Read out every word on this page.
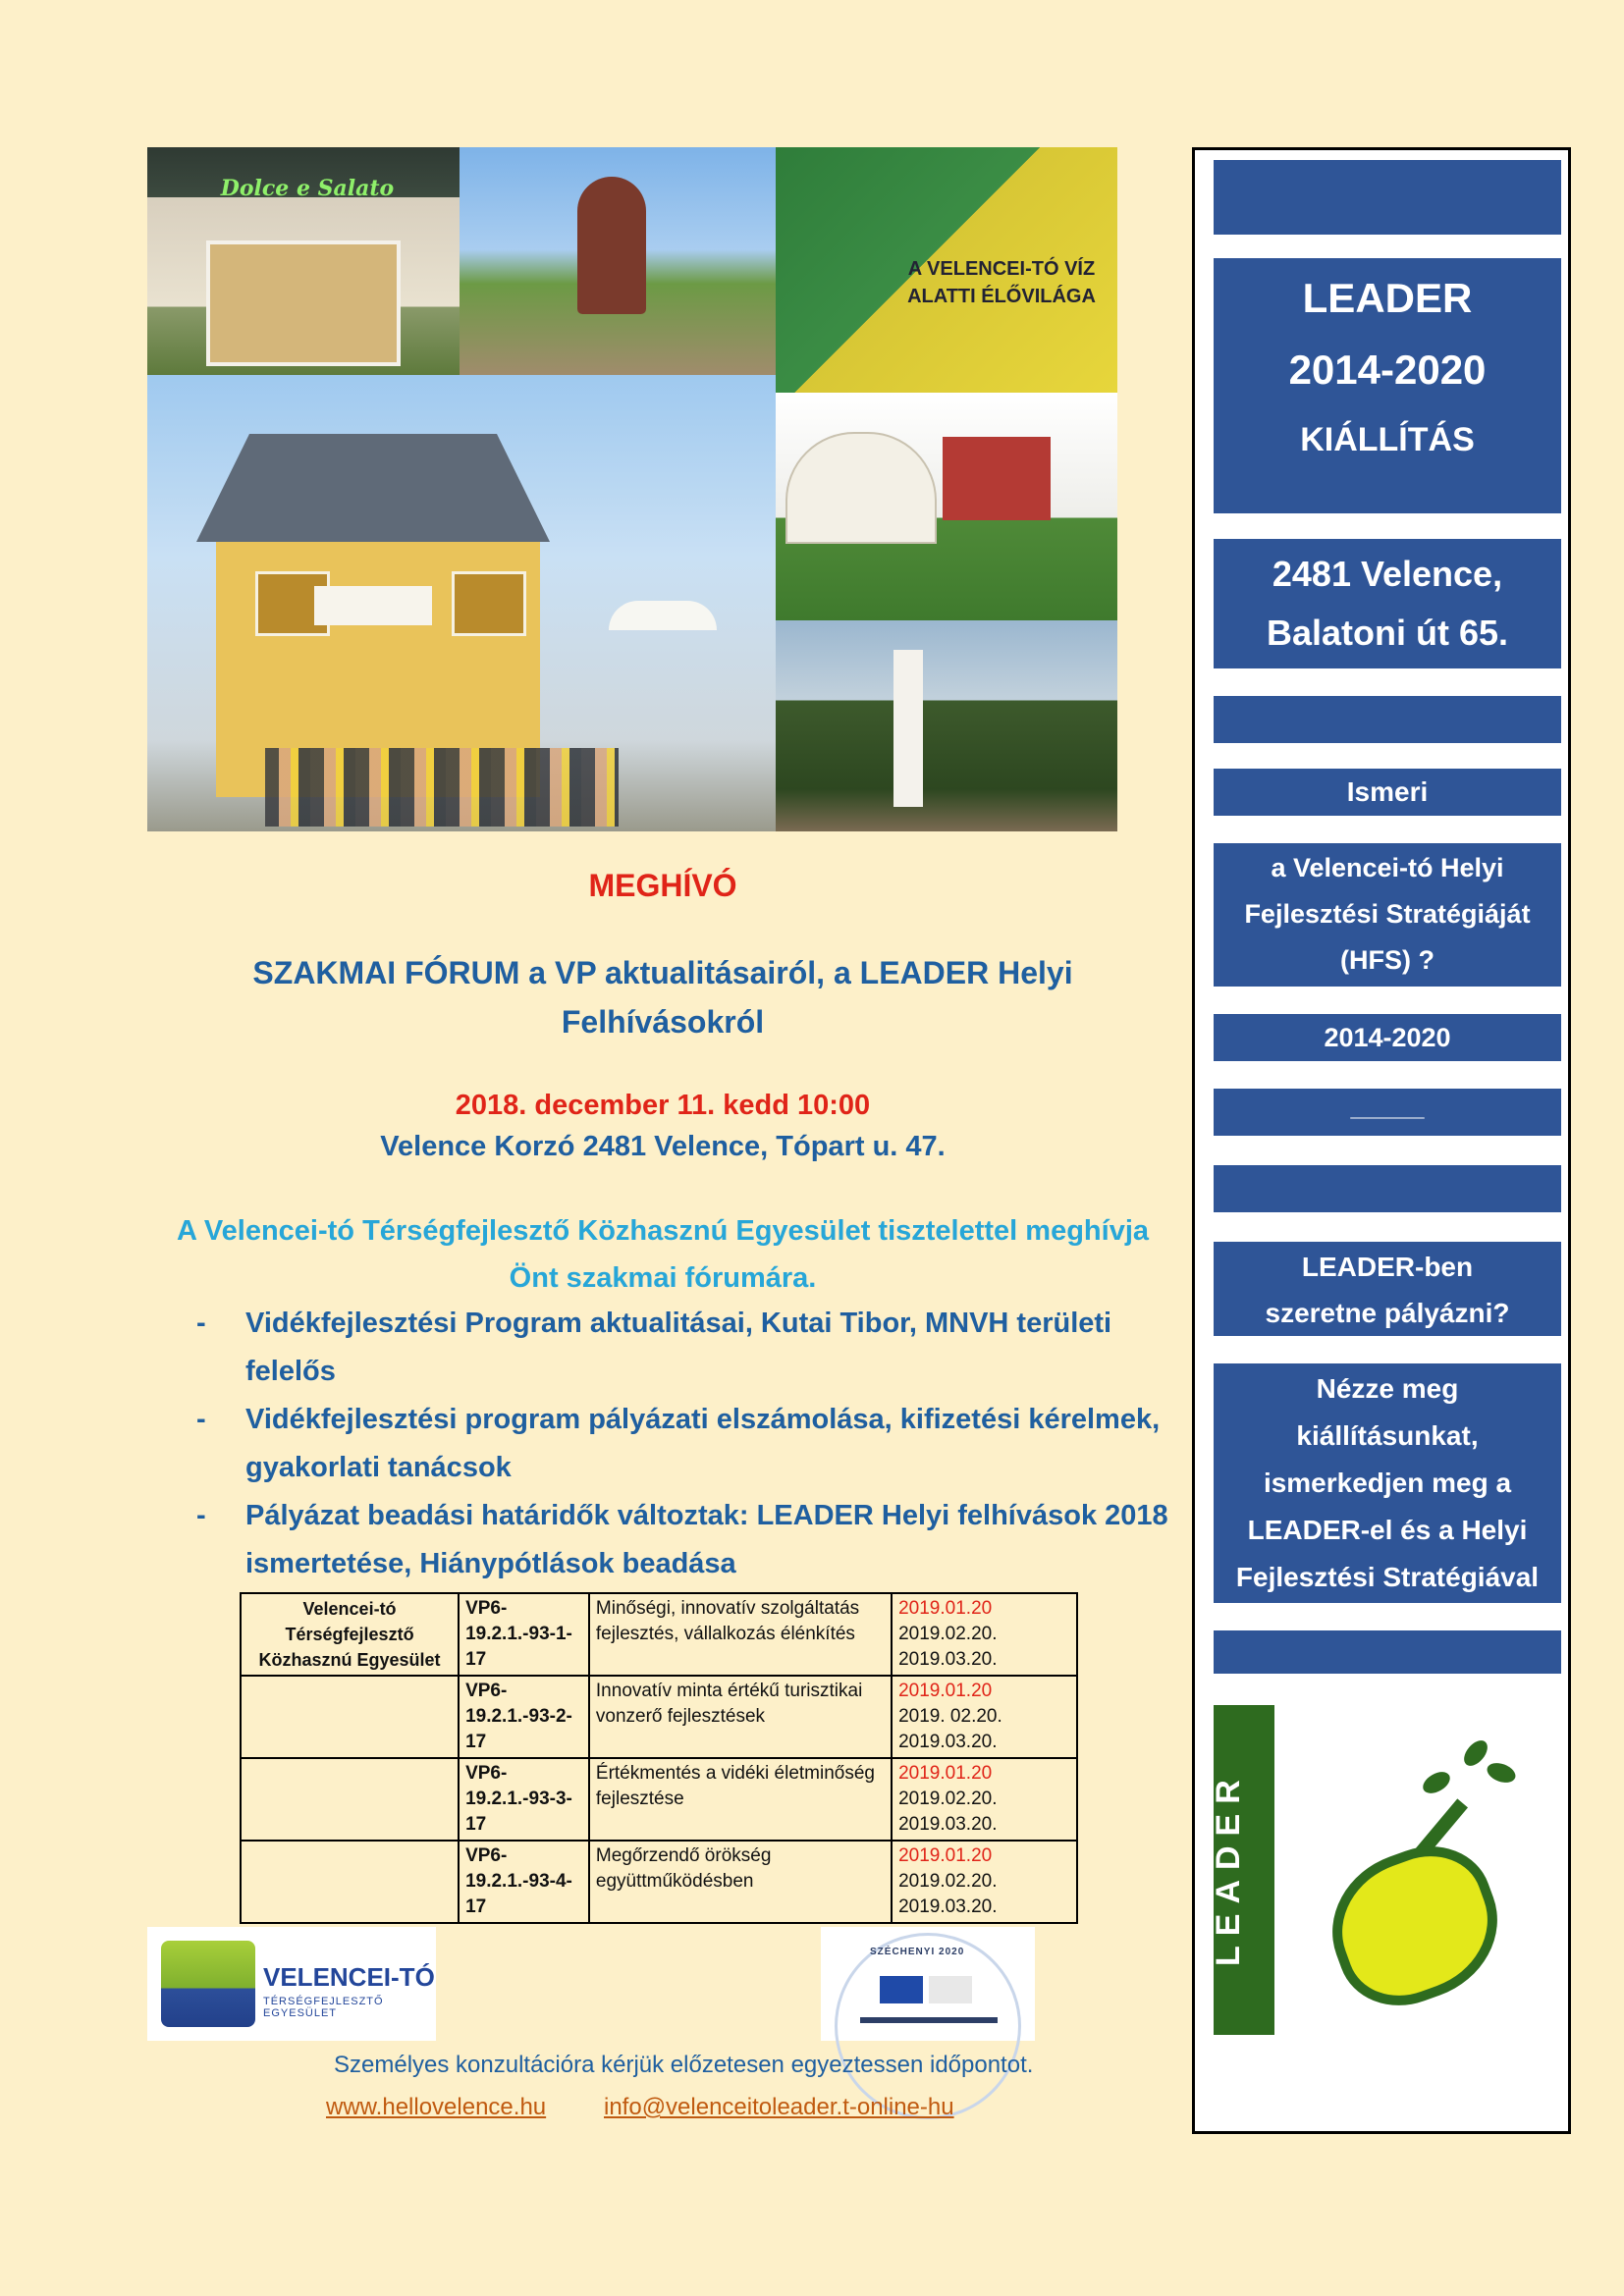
Dolce e Salato
A VELENCEI-TÓ VÍZ ALATTI ÉLŐVILÁGA	LEADER
2014-2020
KIÁLLÍTÁS
2481 Velence,
Balatoni út 65.
Ismeri
a Velencei-tó Helyi Fejlesztési Stratégiáját (HFS) ?
2014-2020
_____
LEADER-ben szeretne pályázni?
Nézze meg kiállításunkat, ismerkedjen meg a LEADER-el és a Helyi Fejlesztési Stratégiával
LEADER
MEGHÍVÓ
SZAKMAI FÓRUM a VP aktualitásairól, a LEADER Helyi Felhívásokról
2018. december 11. kedd 10:00
Velence Korzó 2481 Velence, Tópart u. 47.
A Velencei-tó Térségfejlesztő Közhasznú Egyesület tisztelettel meghívja Önt szakmai fórumára.
- Vidékfejlesztési Program aktualitásai, Kutai Tibor, MNVH területi felelős
- Vidékfejlesztési program pályázati elszámolása, kifizetési kérelmek, gyakorlati tanácsok
- Pályázat beadási határidők változtak: LEADER Helyi felhívások 2018 ismertetése, Hiánypótlások beadása
Velencei-tó Térségfejlesztő Közhasznú Egyesület	VP6-19.2.1.-93-1-17	Minőségi, innovatív szolgáltatás fejlesztés, vállalkozás élénkítés	2019.01.20
2019.02.20.
2019.03.20.

	VP6-19.2.1.-93-2-17	Innovatív minta értékű turisztikai vonzerő fejlesztések	2019.01.20
2019. 02.20.
2019.03.20.

	VP6-19.2.1.-93-3-17	Értékmentés a vidéki életminőség fejlesztése	2019.01.20
2019.02.20.
2019.03.20.

	VP6-19.2.1.-93-4-17	Megőrzendő örökség együttműködésben	2019.01.20
2019.02.20.
2019.03.20.
VELENCEI-TÓ
TÉRSÉGFEJLESZTŐ EGYESÜLET
SZÉCHENYI 2020
Személyes konzultációra kérjük előzetesen egyeztessen időpontot.
www.hellovelence.hu info@velenceitoleader.t-online-hu
